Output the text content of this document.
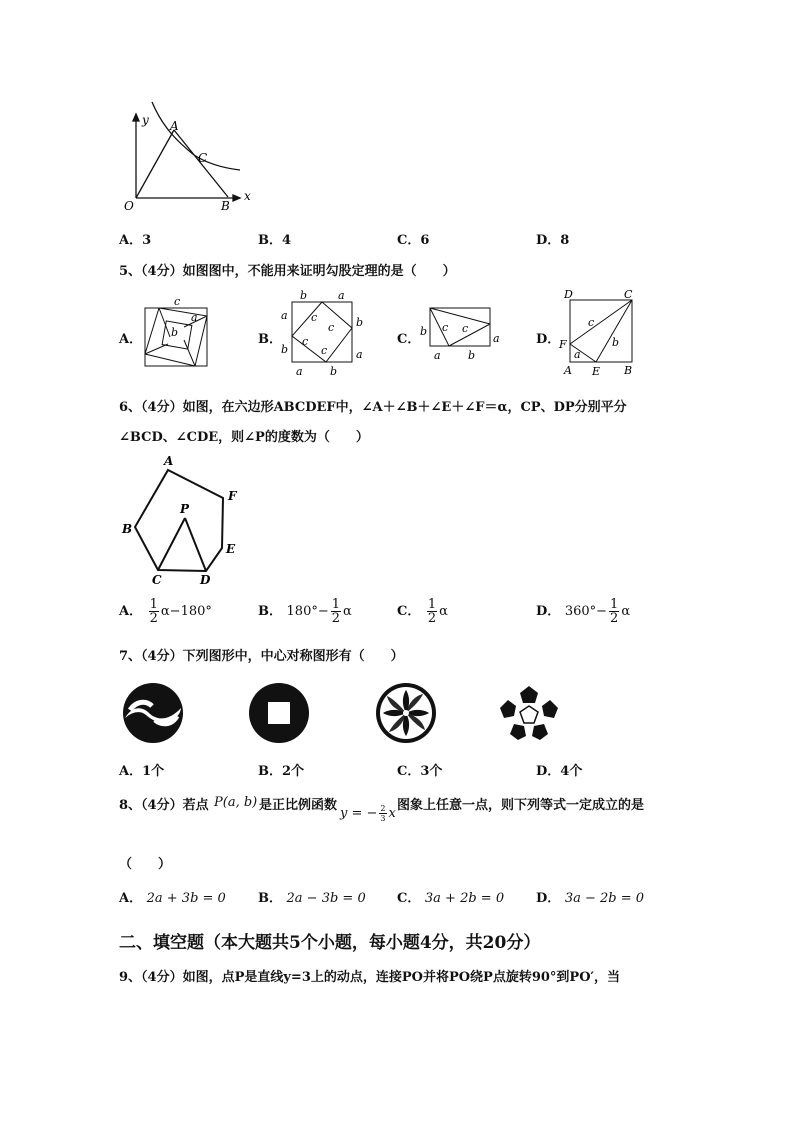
y
x
O
A
B
C
A．3	B．4	C．6	D．8
5、（4分）如图图中，不能用来证明勾股定理的是（　　）
A．
c
a
b	B．
b	a
a
b
b
a
a b
c
c
c
c
C．
b
a
a b
c c
D．
D	C
F
A E B
a
b
c
6、（4分）如图，在六边形ABCDEF中，∠A＋∠B＋∠E＋∠F＝α，CP、DP分别平分
∠BCD、∠CDE，则∠P的度数为（　　）
A
B
C	D
E
F
P
A． $\frac{1}{2} \alpha-180^\circ$	B． $180^\circ- \frac{1}{2}$ α	C． $\frac{1}{2}$ α	D． $360^\circ- \frac{1}{2}$ α
7、（4分）下列图形中，中心对称图形有（　　）
A．1个	B．2个	C．3个	D．4个
8、（4分）若点 P(a, b) 是正比例函数
y = − $\frac{2}{3}$ x
图象上任意一点，则下列等式一定成立的是
（　　）
A． 2a + 3b = 0 B． 2a − 3b = 0 C． 3a + 2b = 0 D． 3a − 2b = 0
二、填空题（本大题共5个小题，每小题4分，共20分）
9、（4分）如图，点P是直线y=3上的动点，连接PO并将PO绕P点旋转90°到PO′，当
